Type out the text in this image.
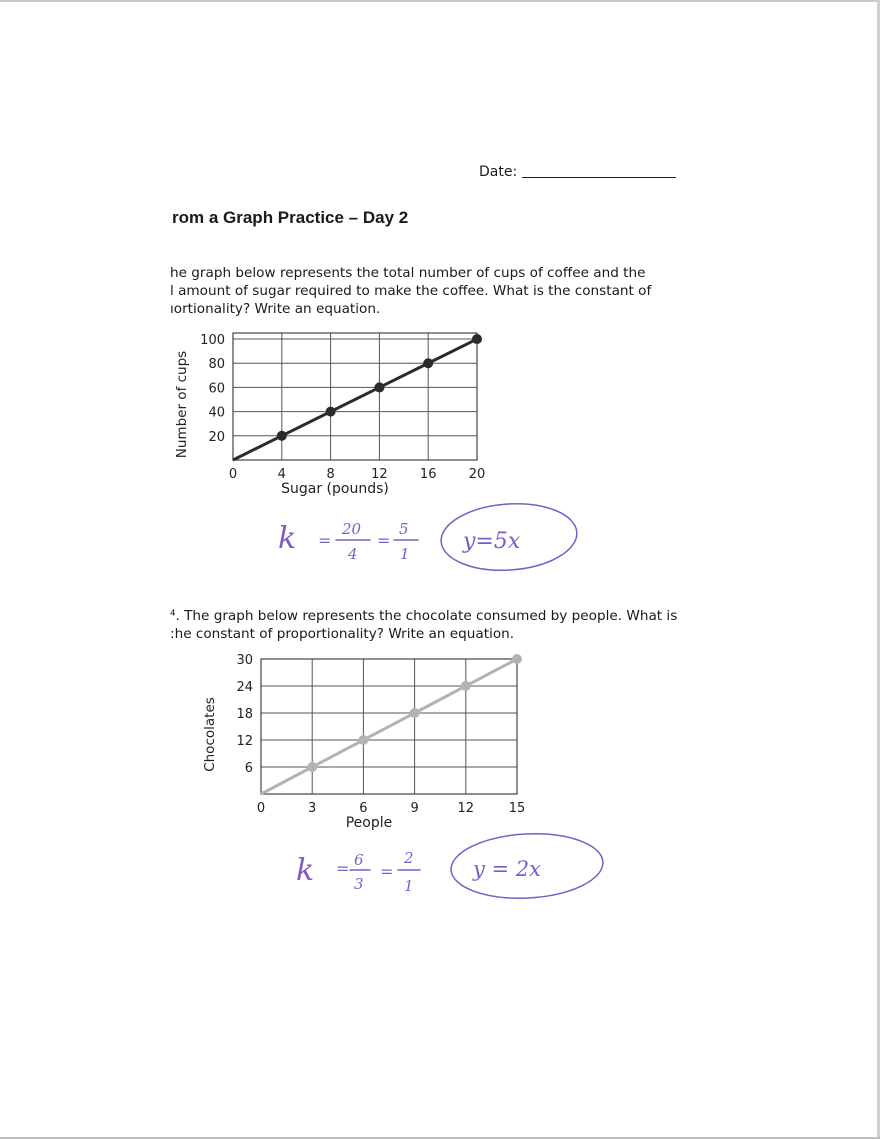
Date:
rom a Graph Practice – Day 2
he graph below represents the total number of cups of coffee and the
l amount of sugar required to make the coffee. What is the constant of
ıortionality? Write an equation.
⁴. The graph below represents the chocolate consumed by people. What is
:he constant of proportionality? Write an equation.
0	4	8	12 16 20
20
40
60
80
100
Sugar (pounds)
Number of cups
0	3	6	9	12	15
6
12
18
24
30
People
Chocolates
k =
20
4
=
5
1 y=5x
k = 6
3
=
2
1
y = 2x
